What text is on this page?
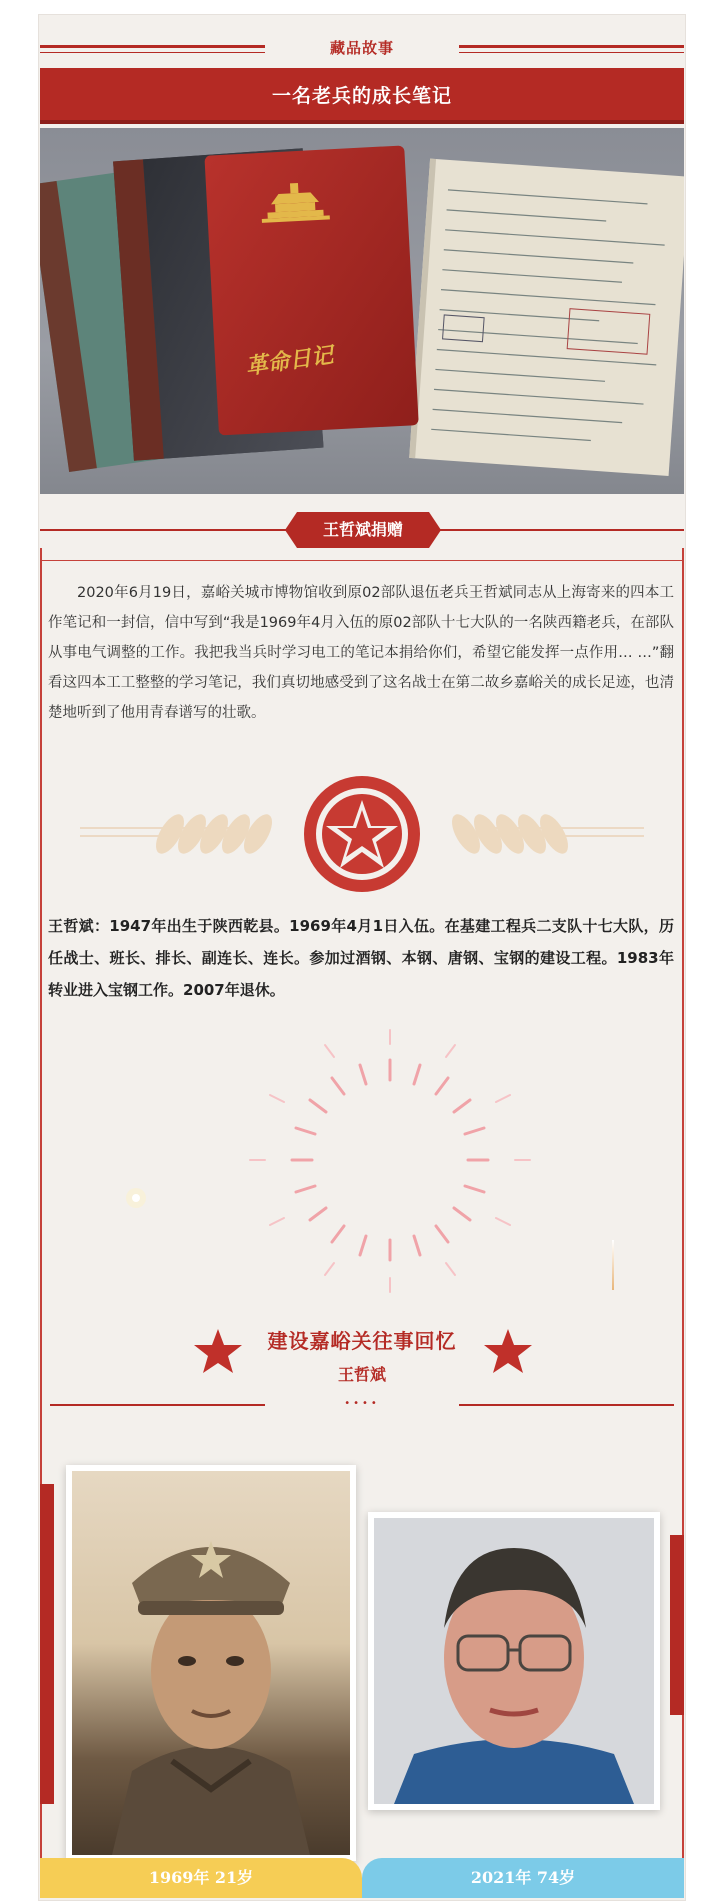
藏品故事
一名老兵的成长笔记
革命日记
王哲斌捐赠
2020年6月19日，嘉峪关城市博物馆收到原02部队退伍老兵王哲斌同志从上海寄来的四本工作笔记和一封信，信中写到“我是1969年4月入伍的原02部队十七大队的一名陕西籍老兵，在部队从事电气调整的工作。我把我当兵时学习电工的笔记本捐给你们，希望它能发挥一点作用… …”翻看这四本工工整整的学习笔记，我们真切地感受到了这名战士在第二故乡嘉峪关的成长足迹，也清楚地听到了他用青春谱写的壮歌。
王哲斌：1947年出生于陕西乾县。1969年4月1日入伍。在基建工程兵二支队十七大队，历任战士、班长、排长、副连长、连长。参加过酒钢、本钢、唐钢、宝钢的建设工程。1983年转业进入宝钢工作。2007年退休。
建设嘉峪关往事回忆
王哲斌
••••
1969年 21岁	2021年 74岁
